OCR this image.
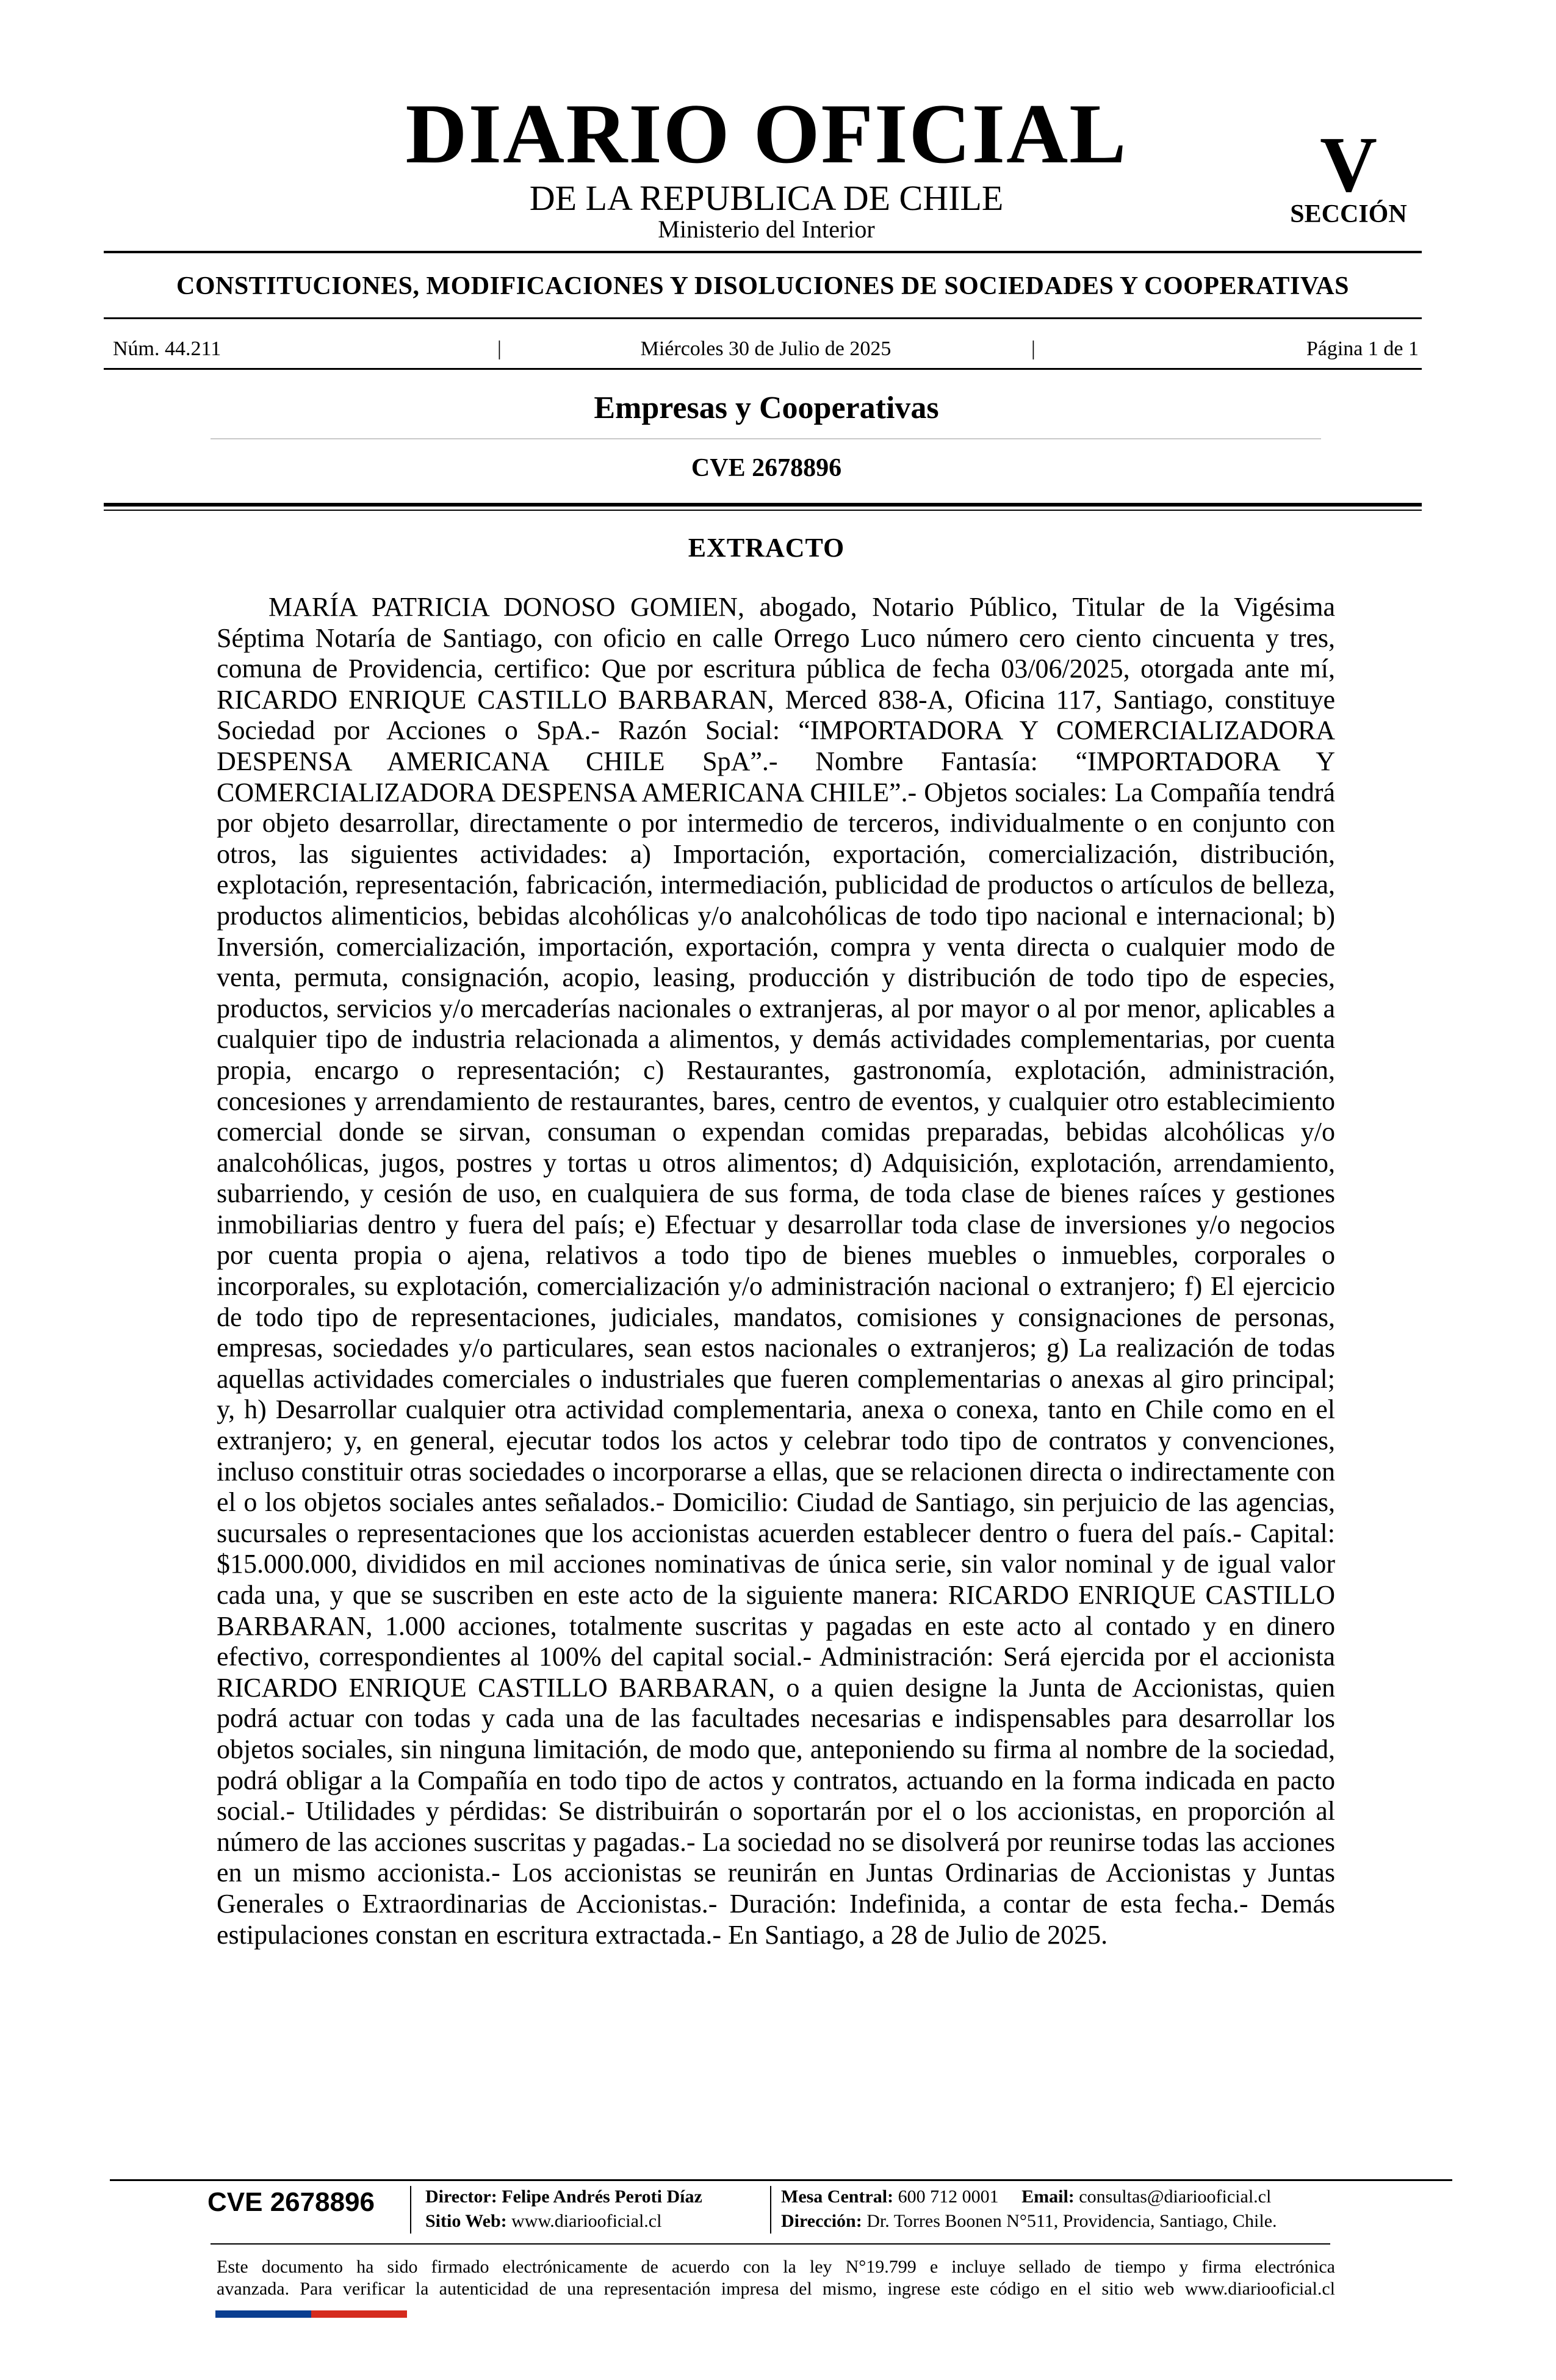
DIARIO OFICIAL
DE LA REPUBLICA DE CHILE
Ministerio del Interior
V
SECCIÓN
CONSTITUCIONES, MODIFICACIONES Y DISOLUCIONES DE SOCIEDADES Y COOPERATIVAS
Núm. 44.211	|	Miércoles 30 de Julio de 2025	|	Página 1 de 1
Empresas y Cooperativas
CVE 2678896
EXTRACTO
MARÍA PATRICIA DONOSO GOMIEN, abogado, Notario Público, Titular de la Vigésima Séptima Notaría de Santiago, con oficio en calle Orrego Luco número cero ciento cincuenta y tres, comuna de Providencia, certifico: Que por escritura pública de fecha 03/06/2025, otorgada ante mí, RICARDO ENRIQUE CASTILLO BARBARAN, Merced 838-A, Oficina 117, Santiago, constituye Sociedad por Acciones o SpA.- Razón Social: “IMPORTADORA Y COMERCIALIZADORA DESPENSA AMERICANA CHILE SpA”.- Nombre Fantasía: “IMPORTADORA Y COMERCIALIZADORA DESPENSA AMERICANA CHILE”.- Objetos sociales: La Compañía tendrá por objeto desarrollar, directamente o por intermedio de terceros, individualmente o en conjunto con otros, las siguientes actividades: a) Importación, exportación, comercialización, distribución, explotación, representación, fabricación, intermediación, publicidad de productos o artículos de belleza, productos alimenticios, bebidas alcohólicas y/o analcohólicas de todo tipo nacional e internacional; b) Inversión, comercialización, importación, exportación, compra y venta directa o cualquier modo de venta, permuta, consignación, acopio, leasing, producción y distribución de todo tipo de especies, productos, servicios y/o mercaderías nacionales o extranjeras, al por mayor o al por menor, aplicables a cualquier tipo de industria relacionada a alimentos, y demás actividades complementarias, por cuenta propia, encargo o representación; c) Restaurantes, gastronomía, explotación, administración, concesiones y arrendamiento de restaurantes, bares, centro de eventos, y cualquier otro establecimiento comercial donde se sirvan, consuman o expendan comidas preparadas, bebidas alcohólicas y/o analcohólicas, jugos, postres y tortas u otros alimentos; d) Adquisición, explotación, arrendamiento, subarriendo, y cesión de uso, en cualquiera de sus forma, de toda clase de bienes raíces y gestiones inmobiliarias dentro y fuera del país; e) Efectuar y desarrollar toda clase de inversiones y/o negocios por cuenta propia o ajena, relativos a todo tipo de bienes muebles o inmuebles, corporales o incorporales, su explotación, comercialización y/o administración nacional o extranjero; f) El ejercicio de todo tipo de representaciones, judiciales, mandatos, comisiones y consignaciones de personas, empresas, sociedades y/o particulares, sean estos nacionales o extranjeros; g) La realización de todas aquellas actividades comerciales o industriales que fueren complementarias o anexas al giro principal; y, h) Desarrollar cualquier otra actividad complementaria, anexa o conexa, tanto en Chile como en el extranjero; y, en general, ejecutar todos los actos y celebrar todo tipo de contratos y convenciones, incluso constituir otras sociedades o incorporarse a ellas, que se relacionen directa o indirectamente con el o los objetos sociales antes señalados.- Domicilio: Ciudad de Santiago, sin perjuicio de las agencias, sucursales o representaciones que los accionistas acuerden establecer dentro o fuera del país.- Capital: $15.000.000, divididos en mil acciones nominativas de única serie, sin valor nominal y de igual valor cada una, y que se suscriben en este acto de la siguiente manera: RICARDO ENRIQUE CASTILLO BARBARAN, 1.000 acciones, totalmente suscritas y pagadas en este acto al contado y en dinero efectivo, correspondientes al 100% del capital social.- Administración: Será ejercida por el accionista RICARDO ENRIQUE CASTILLO BARBARAN, o a quien designe la Junta de Accionistas, quien podrá actuar con todas y cada una de las facultades necesarias e indispensables para desarrollar los objetos sociales, sin ninguna limitación, de modo que, anteponiendo su firma al nombre de la sociedad, podrá obligar a la Compañía en todo tipo de actos y contratos, actuando en la forma indicada en pacto social.- Utilidades y pérdidas: Se distribuirán o soportarán por el o los accionistas, en proporción al número de las acciones suscritas y pagadas.- La sociedad no se disolverá por reunirse todas las acciones en un mismo accionista.- Los accionistas se reunirán en Juntas Ordinarias de Accionistas y Juntas Generales o Extraordinarias de Accionistas.- Duración: Indefinida, a contar de esta fecha.- Demás estipulaciones constan en escritura extractada.- En Santiago, a 28 de Julio de 2025.
CVE 2678896	Director: Felipe Andrés Peroti Díaz
Sitio Web: www.diariooficial.cl
Mesa Central: 600 712 0001 Email: consultas@diariooficial.cl
Dirección: Dr. Torres Boonen N°511, Providencia, Santiago, Chile.
Este documento ha sido firmado electrónicamente de acuerdo con la ley N°19.799 e incluye sellado de tiempo y firma electrónica
avanzada. Para verificar la autenticidad de una representación impresa del mismo, ingrese este código en el sitio web www.diariooficial.cl
